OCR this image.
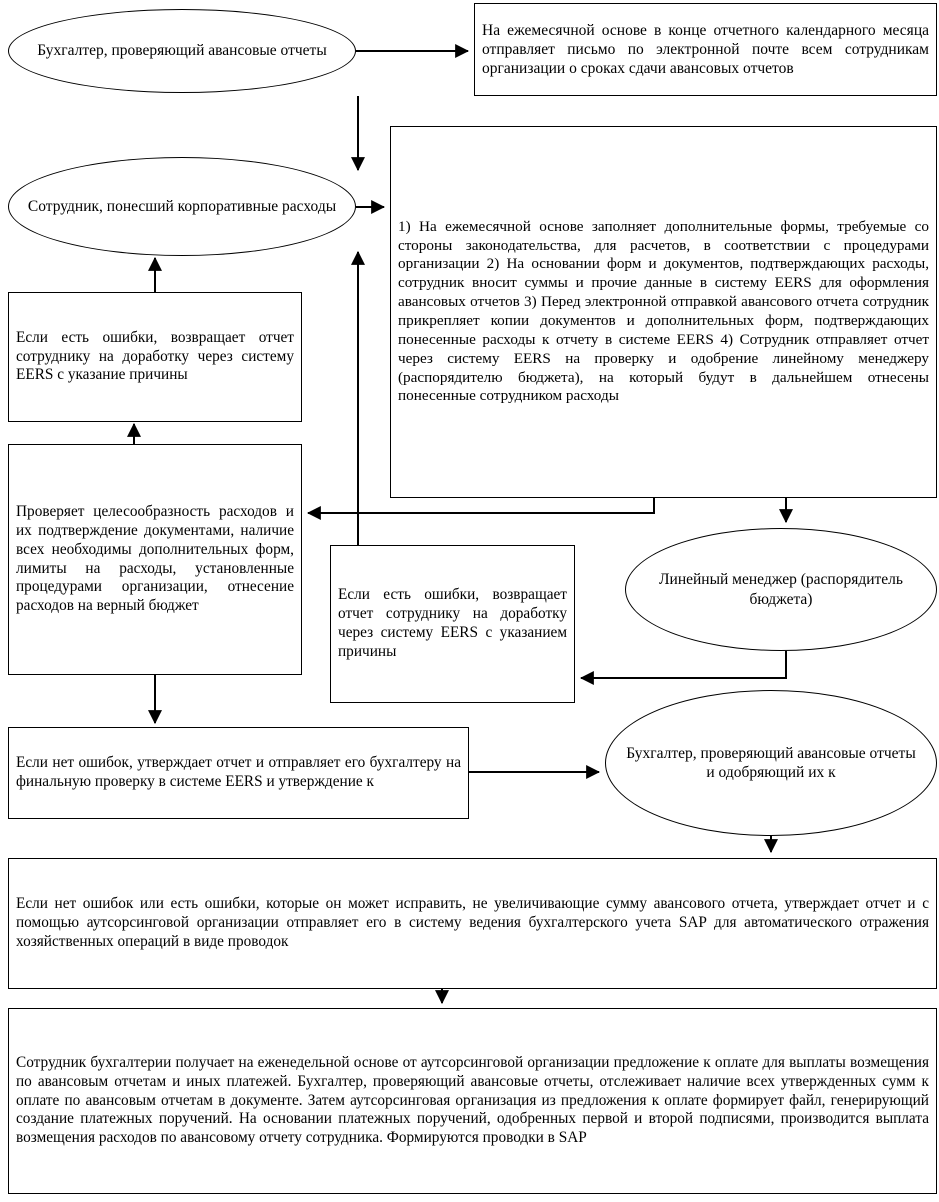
Бухгалтер, проверяющий авансовые отчеты
На ежемесячной основе в конце отчетного календарного месяца отправляет письмо по электронной почте всем сотрудникам организации о сроках сдачи авансовых отчетов
Сотрудник, понесший корпоративные расходы
1) На ежемесячной основе заполняет дополнительные формы, требуемые со стороны законодательства, для расчетов, в соответствии с процедурами организации 2) На основании форм и документов, подтверждающих расходы, сотрудник вносит суммы и прочие данные в систему EERS для оформления авансовых отчетов 3) Перед электронной отправкой авансового отчета сотрудник прикрепляет копии документов и дополнительных форм, подтверждающих понесенные расходы к отчету в системе EERS 4) Сотрудник отправляет отчет через систему EERS на проверку и одобрение линейному менеджеру (распорядителю бюджета), на который будут в дальнейшем отнесены понесенные сотрудником расходы
Если есть ошибки, возвращает отчет сотруднику на доработку через систему EERS с указание причины
Проверяет целесообразность расходов и их подтверждение документами, наличие всех необходимы дополнительных форм, лимиты на расходы, установленные процедурами организации, отнесение расходов на верный бюджет
Если есть ошибки, возвращает отчет сотруднику на доработку через систему EERS с указанием причины
Линейный менеджер (распорядитель бюджета)
Если нет ошибок, утверждает отчет и отправляет его бухгалтеру на финальную проверку в системе EERS и утверждение к
Бухгалтер, проверяющий авансовые отчеты и одобряющий их к
Если нет ошибок или есть ошибки, которые он может исправить, не увеличивающие сумму авансового отчета, утверждает отчет и с помощью аутсорсинговой организации отправляет его в систему ведения бухгалтерского учета SAP для автоматического отражения хозяйственных операций в виде проводок
Сотрудник бухгалтерии получает на еженедельной основе от аутсорсинговой организации предложение к оплате для выплаты возмещения по авансовым отчетам и иных платежей. Бухгалтер, проверяющий авансовые отчеты, отслеживает наличие всех утвержденных сумм к оплате по авансовым отчетам в документе. Затем аутсорсинговая организация из предложения к оплате формирует файл, генерирующий создание платежных поручений. На основании платежных поручений, одобренных первой и второй подписями, производится выплата возмещения расходов по авансовому отчету сотрудника. Формируются проводки в SAP
